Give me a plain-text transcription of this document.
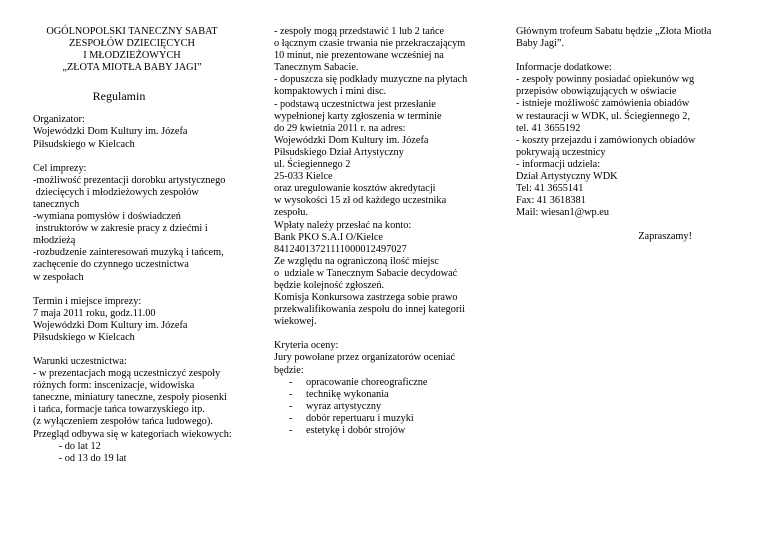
OGÓLNOPOLSKI TANECZNY SABAT
ZESPOŁÓW DZIECIĘCYCH
I MŁODZIEŻOWYCH
„ZŁOTA MIOTŁA BABY JAGI”
Regulamin
Organizator:
Wojewódzki Dom Kultury im. Józefa
Piłsudskiego w Kielcach
Cel imprezy:
-możliwość prezentacji dorobku artystycznego
dziecięcych i młodzieżowych zespołów
tanecznych
-wymiana pomysłów i doświadczeń
instruktorów w zakresie pracy z dziećmi i
młodzieżą
-rozbudzenie zainteresowań muzyką i tańcem,
zachęcenie do czynnego uczestnictwa
w zespołach
Termin i miejsce imprezy:
7 maja 2011 roku, godz.11.00
Wojewódzki Dom Kultury im. Józefa
Piłsudskiego w Kielcach
Warunki uczestnictwa:
- w prezentacjach mogą uczestniczyć zespoły
różnych form: inscenizacje, widowiska
taneczne, miniatury taneczne, zespoły piosenki
i tańca, formacje tańca towarzyskiego itp.
(z wyłączeniem zespołów tańca ludowego).
Przegląd odbywa się w kategoriach wiekowych:
- do lat 12
- od 13 do 19 lat
- zespoły mogą przedstawić 1 lub 2 tańce
o łącznym czasie trwania nie przekraczającym
10 minut, nie prezentowane wcześniej na
Tanecznym Sabacie.
- dopuszcza się podkłady muzyczne na płytach
kompaktowych i mini disc.
- podstawą uczestnictwa jest przesłanie
wypełnionej karty zgłoszenia w terminie
do 29 kwietnia 2011 r. na adres:
Wojewódzki Dom Kultury im. Józefa
Piłsudskiego Dział Artystyczny
ul. Ściegiennego 2
25-033 Kielce
oraz uregulowanie kosztów akredytacji
w wysokości 15 zł od każdego uczestnika
zespołu.
Wpłaty należy przesłać na konto:
Bank PKO S.A.I O/Kielce
84124013721111000012497027
Ze względu na ograniczoną ilość miejsc
o  udziale w Tanecznym Sabacie decydować
będzie kolejność zgłoszeń.
Komisja Konkursowa zastrzega sobie prawo
przekwalifikowania zespołu do innej kategorii
wiekowej.
Kryteria oceny:
Jury powołane przez organizatorów oceniać
będzie:
- opracowanie choreograficzne
- technikę wykonania
- wyraz artystyczny
- dobór repertuaru i muzyki
- estetykę i dobór strojów
Głównym trofeum Sabatu będzie „Złota Miotła
Baby Jagi”.
Informacje dodatkowe:
- zespoły powinny posiadać opiekunów wg
przepisów obowiązujących w oświacie
- istnieje możliwość zamówienia obiadów
w restauracji w WDK, ul. Ściegiennego 2,
tel. 41 3655192
- koszty przejazdu i zamówionych obiadów
pokrywają uczestnicy
- informacji udziela:
Dział Artystyczny WDK
Tel: 41 3655141
Fax: 41 3618381
Mail: wiesan1@wp.eu
Zapraszamy!
